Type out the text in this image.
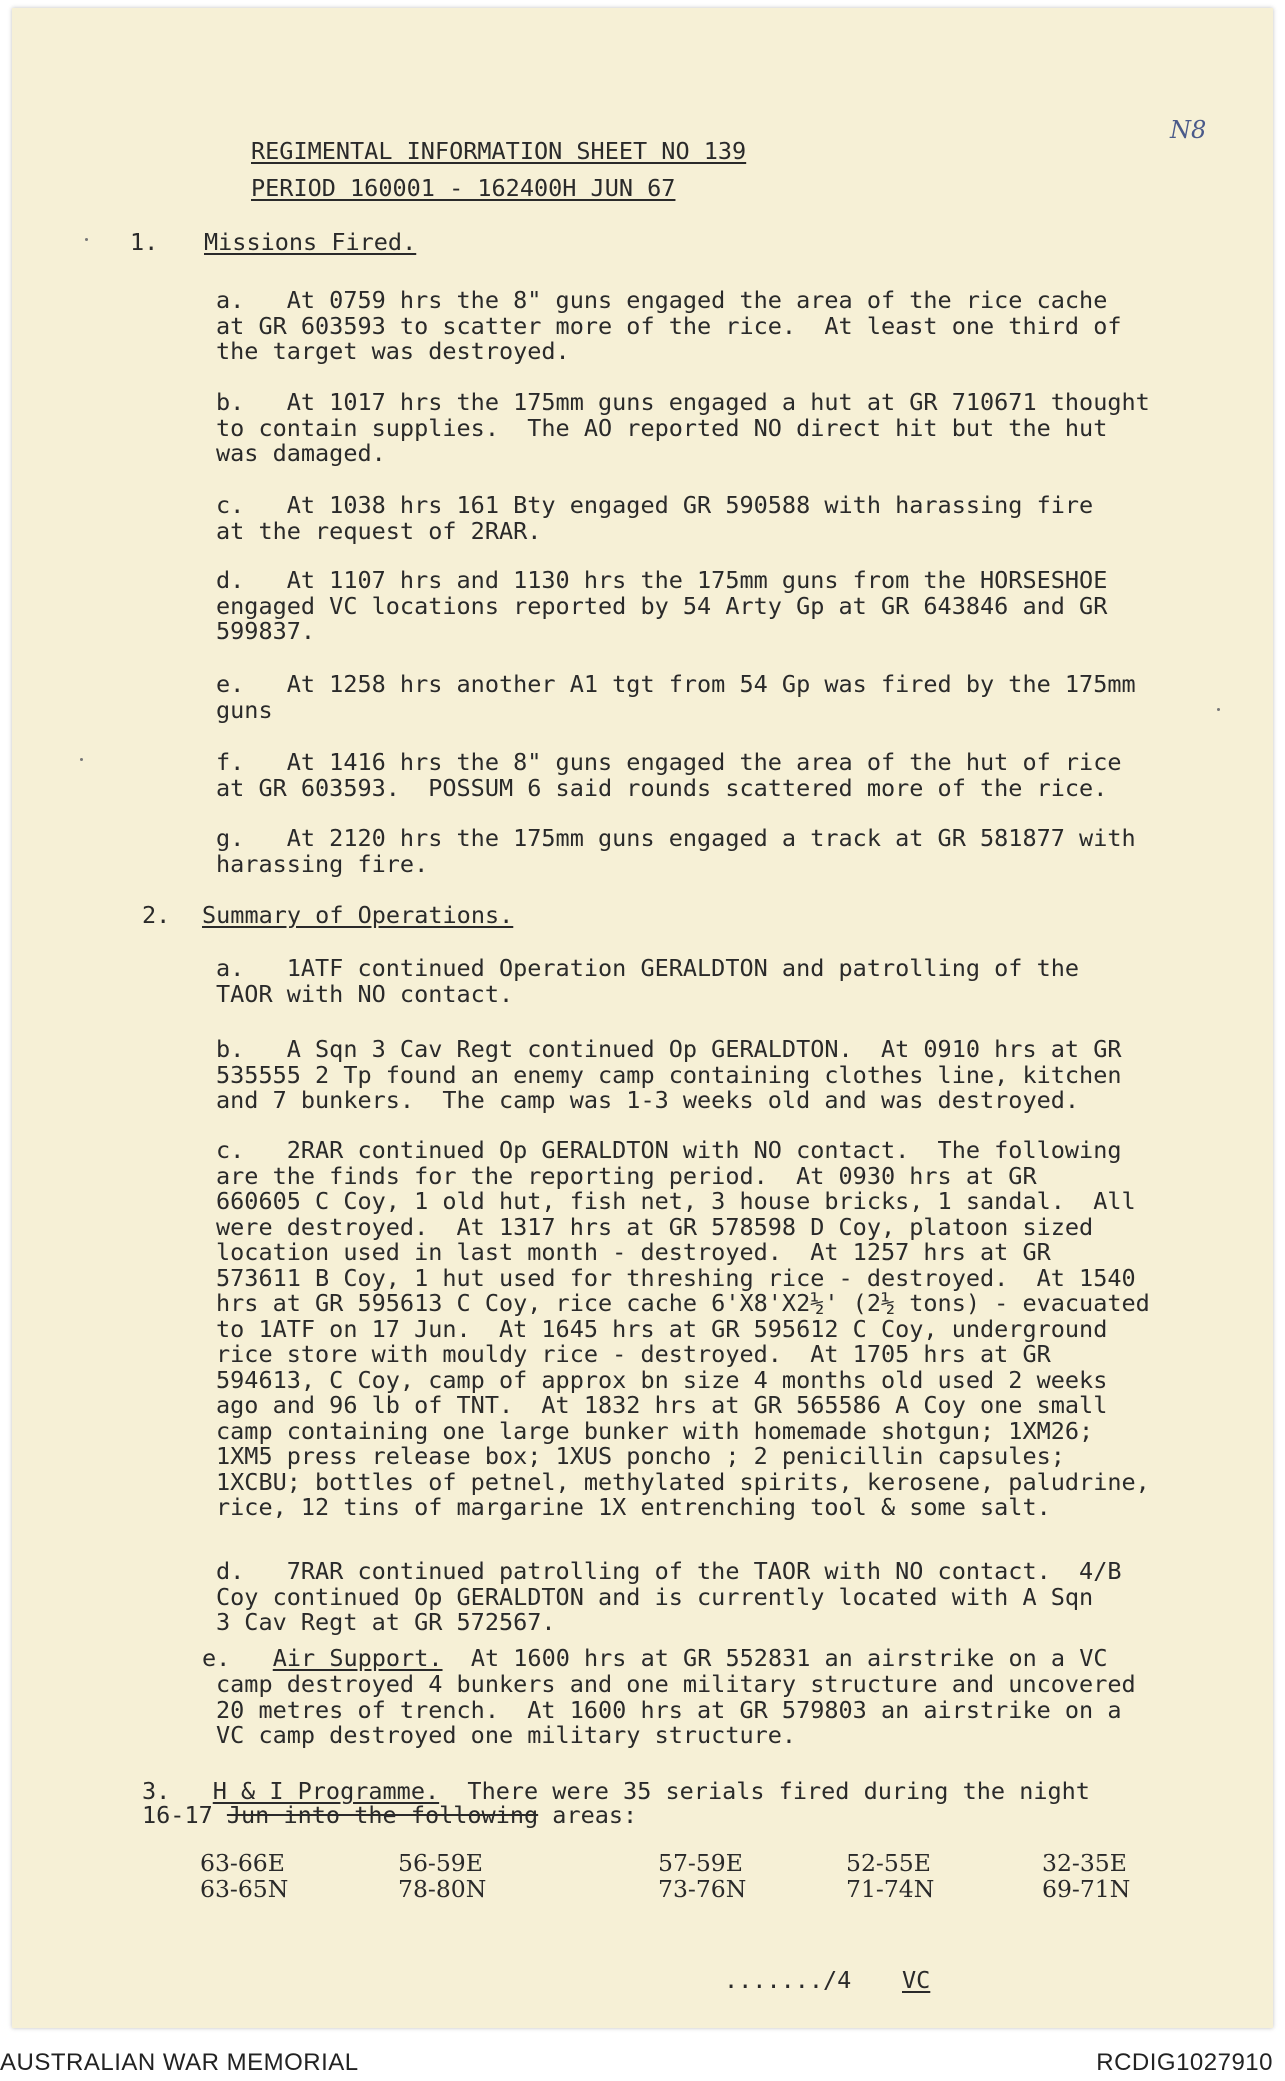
N8
REGIMENTAL INFORMATION SHEET NO 139
PERIOD 160001 - 162400H JUN 67
1. Missions Fired.
a.   At 0759 hrs the 8" guns engaged the area of the rice cache
at GR 603593 to scatter more of the rice.  At least one third of
the target was destroyed.
b.   At 1017 hrs the 175mm guns engaged a hut at GR 710671 thought
to contain supplies.  The AO reported NO direct hit but the hut
was damaged.
c.   At 1038 hrs 161 Bty engaged GR 590588 with harassing fire
at the request of 2RAR.
d.   At 1107 hrs and 1130 hrs the 175mm guns from the HORSESHOE
engaged VC locations reported by 54 Arty Gp at GR 643846 and GR
599837.
e.   At 1258 hrs another A1 tgt from 54 Gp was fired by the 175mm
guns
f.   At 1416 hrs the 8" guns engaged the area of the hut of rice
at GR 603593.  POSSUM 6 said rounds scattered more of the rice.
g.   At 2120 hrs the 175mm guns engaged a track at GR 581877 with
harassing fire.
2. Summary of Operations.
a.   1ATF continued Operation GERALDTON and patrolling of the
TAOR with NO contact.
b.   A Sqn 3 Cav Regt continued Op GERALDTON.  At 0910 hrs at GR
535555 2 Tp found an enemy camp containing clothes line, kitchen
and 7 bunkers.  The camp was 1-3 weeks old and was destroyed.
c.   2RAR continued Op GERALDTON with NO contact.  The following
are the finds for the reporting period.  At 0930 hrs at GR
660605 C Coy, 1 old hut, fish net, 3 house bricks, 1 sandal.  All
were destroyed.  At 1317 hrs at GR 578598 D Coy, platoon sized
location used in last month - destroyed.  At 1257 hrs at GR
573611 B Coy, 1 hut used for threshing rice - destroyed.  At 1540
hrs at GR 595613 C Coy, rice cache 6'X8'X2½' (2½ tons) - evacuated
to 1ATF on 17 Jun.  At 1645 hrs at GR 595612 C Coy, underground
rice store with mouldy rice - destroyed.  At 1705 hrs at GR
594613, C Coy, camp of approx bn size 4 months old used 2 weeks
ago and 96 lb of TNT.  At 1832 hrs at GR 565586 A Coy one small
camp containing one large bunker with homemade shotgun; 1XM26;
1XM5 press release box; 1XUS poncho ; 2 penicillin capsules;
1XCBU; bottles of petnel, methylated spirits, kerosene, paludrine,
rice, 12 tins of margarine 1X entrenching tool & some salt.
d.   7RAR continued patrolling of the TAOR with NO contact.  4/B
Coy continued Op GERALDTON and is currently located with A Sqn
3 Cav Regt at GR 572567.
e.   Air Support.  At 1600 hrs at GR 552831 an airstrike on a VC
camp destroyed 4 bunkers and one military structure and uncovered
20 metres of trench.  At 1600 hrs at GR 579803 an airstrike on a
VC camp destroyed one military structure.
3. H & I Programme.  There were 35 serials fired during the night
16-17 Jun into the following areas:
63-66E
63-65N
56-59E
78-80N
57-59E
73-76N
52-55E
71-74N
32-35E
69-71N
......./4 VC
AUSTRALIAN WAR MEMORIAL	RCDIG1027910
